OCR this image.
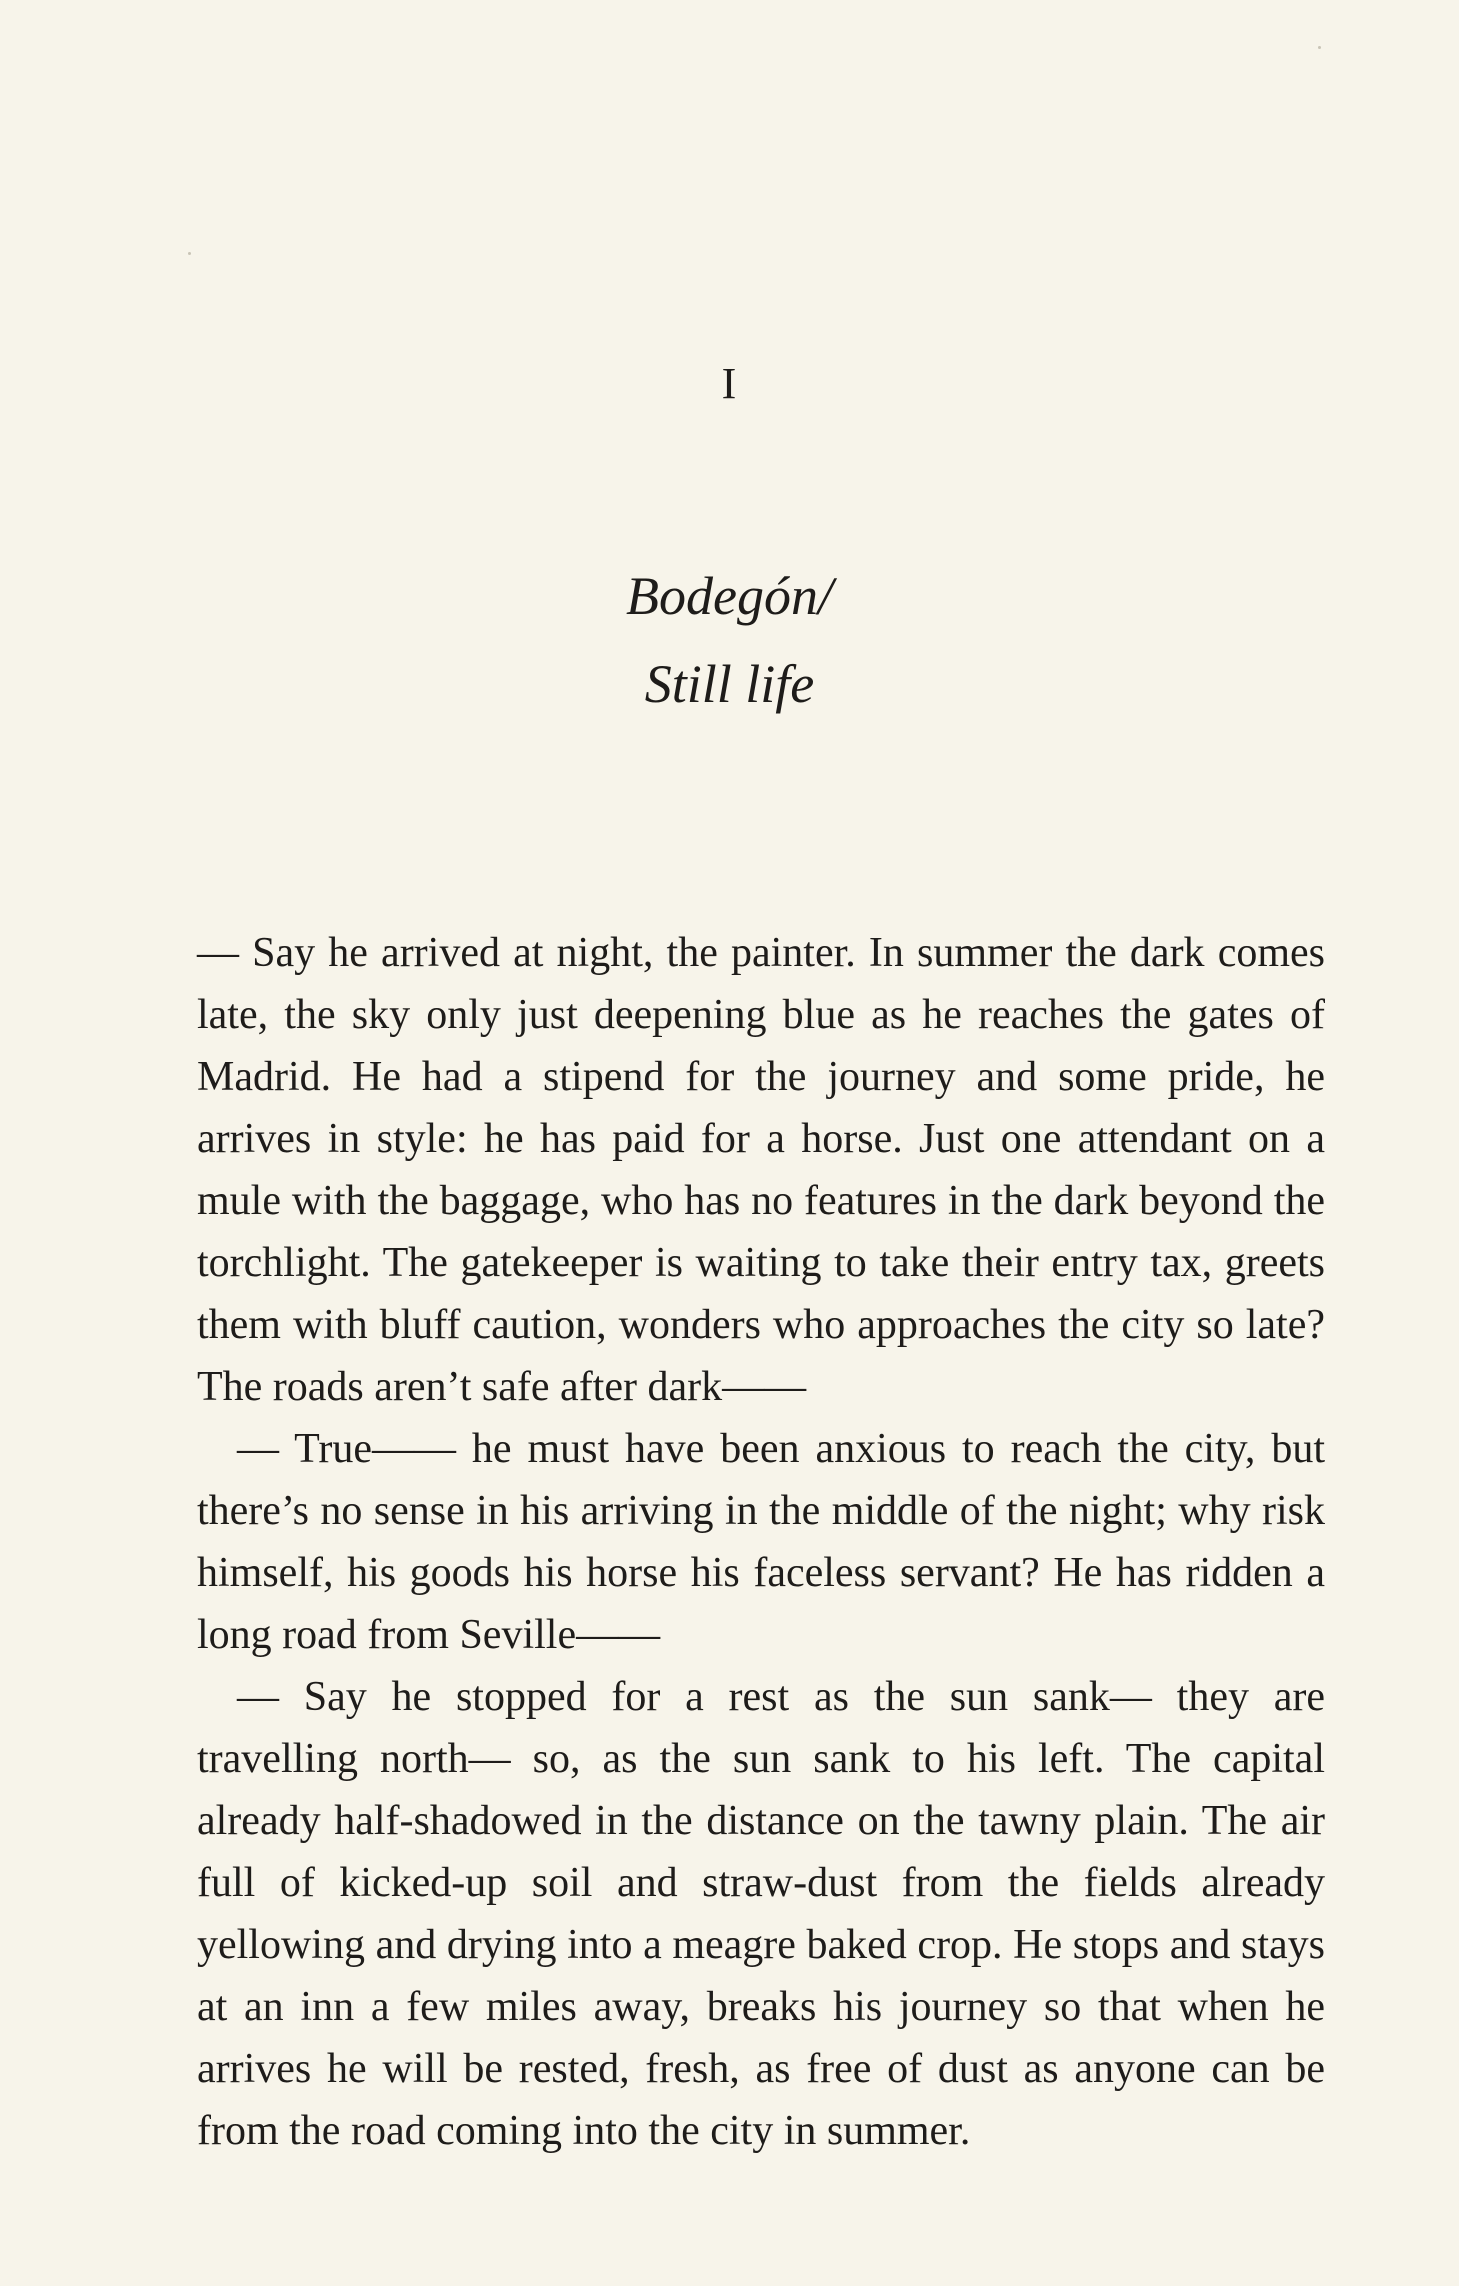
I
Bodegón/
Still life

— Say he arrived at night, the painter. In summer the dark comes late, the sky only just deepening blue as he reaches the gates of Madrid. He had a stipend for the journey and some pride, he arrives in style: he has paid for a horse. Just one attendant on a mule with the baggage, who has no features in the dark beyond the torchlight. The gatekeeper is waiting to take their entry tax, greets them with bluff caution, wonders who approaches the city so late? The roads aren’t safe after dark——

— True—— he must have been anxious to reach the city, but there’s no sense in his arriving in the middle of the night; why risk himself, his goods his horse his faceless servant? He has ridden a long road from Seville——

— Say he stopped for a rest as the sun sank— they are travelling north— so, as the sun sank to his left. The capital already half-shadowed in the distance on the tawny plain. The air full of kicked-up soil and straw-dust from the fields already yellowing and drying into a meagre baked crop. He stops and stays at an inn a few miles away, breaks his journey so that when he arrives he will be rested, fresh, as free of dust as anyone can be from the road coming into the city in summer.
